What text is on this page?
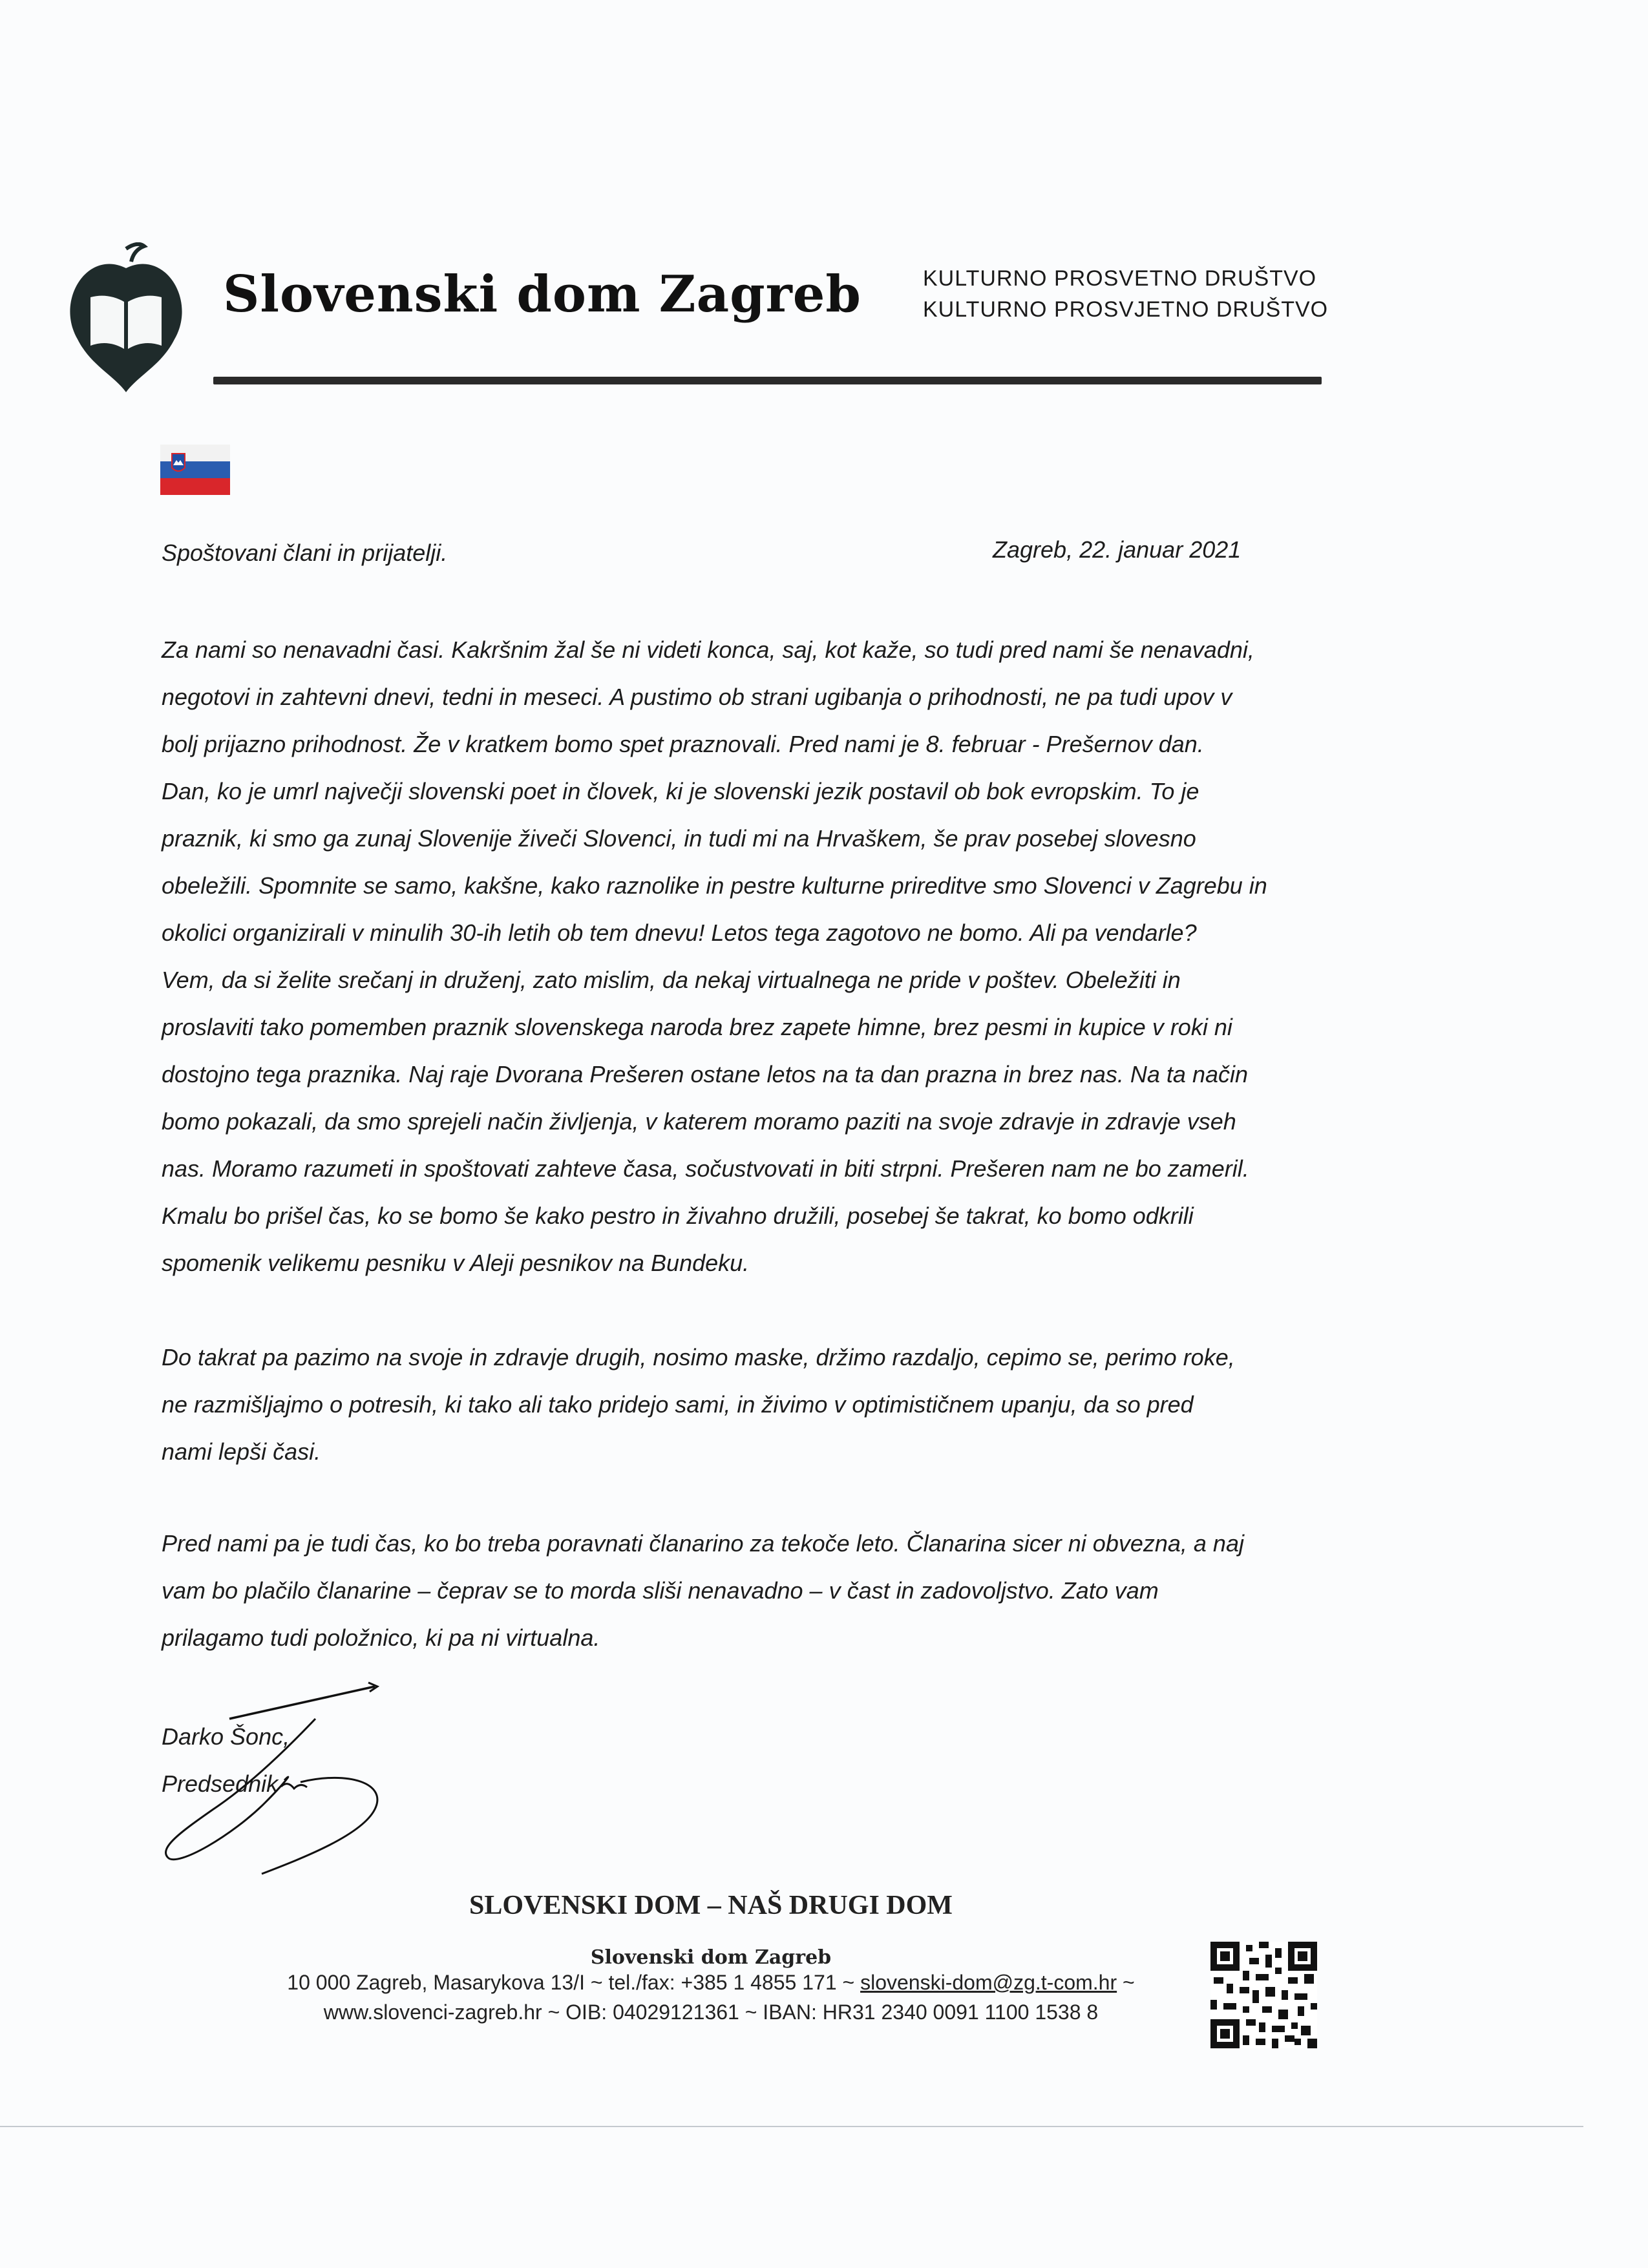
Slovenski dom Zagreb	KULTURNO PROSVETNO DRUŠTVO
KULTURNO PROSVJETNO DRUŠTVO
Spoštovani člani in prijatelji.	Zagreb, 22. januar 2021
Za nami so nenavadni časi. Kakršnim žal še ni videti konca, saj, kot kaže, so tudi pred nami še nenavadni,
negotovi in zahtevni dnevi, tedni in meseci. A pustimo ob strani ugibanja o prihodnosti, ne pa tudi upov v
bolj prijazno prihodnost. Že v kratkem bomo spet praznovali. Pred nami je 8. februar - Prešernov dan.
Dan, ko je umrl največji slovenski poet in človek, ki je slovenski jezik postavil ob bok evropskim. To je
praznik, ki smo ga zunaj Slovenije živeči Slovenci, in tudi mi na Hrvaškem, še prav posebej slovesno
obeležili. Spomnite se samo, kakšne, kako raznolike in pestre kulturne prireditve smo Slovenci v Zagrebu in
okolici organizirali v minulih 30-ih letih ob tem dnevu! Letos tega zagotovo ne bomo. Ali pa vendarle?
Vem, da si želite srečanj in druženj, zato mislim, da nekaj virtualnega ne pride v poštev. Obeležiti in
proslaviti tako pomemben praznik slovenskega naroda brez zapete himne, brez pesmi in kupice v roki ni
dostojno tega praznika. Naj raje Dvorana Prešeren ostane letos na ta dan prazna in brez nas. Na ta način
bomo pokazali, da smo sprejeli način življenja, v katerem moramo paziti na svoje zdravje in zdravje vseh
nas. Moramo razumeti in spoštovati zahteve časa, sočustvovati in biti strpni. Prešeren nam ne bo zameril.
Kmalu bo prišel čas, ko se bomo še kako pestro in živahno družili, posebej še takrat, ko bomo odkrili
spomenik velikemu pesniku v Aleji pesnikov na Bundeku.
Do takrat pa pazimo na svoje in zdravje drugih, nosimo maske, držimo razdaljo, cepimo se, perimo roke,
ne razmišljajmo o potresih, ki tako ali tako pridejo sami, in živimo v optimističnem upanju, da so pred
nami lepši časi.
Pred nami pa je tudi čas, ko bo treba poravnati članarino za tekoče leto. Članarina sicer ni obvezna, a naj
vam bo plačilo članarine – čeprav se to morda sliši nenavadno – v čast in zadovoljstvo. Zato vam
prilagamo tudi položnico, ki pa ni virtualna.
Darko Šonc,
Predsednik
SLOVENSKI DOM – NAŠ DRUGI DOM
Slovenski dom Zagreb
10 000 Zagreb, Masarykova 13/I ~ tel./fax: +385 1 4855 171 ~ slovenski-dom@zg.t-com.hr ~
www.slovenci-zagreb.hr ~ OIB: 04029121361 ~ IBAN: HR31 2340 0091 1100 1538 8
